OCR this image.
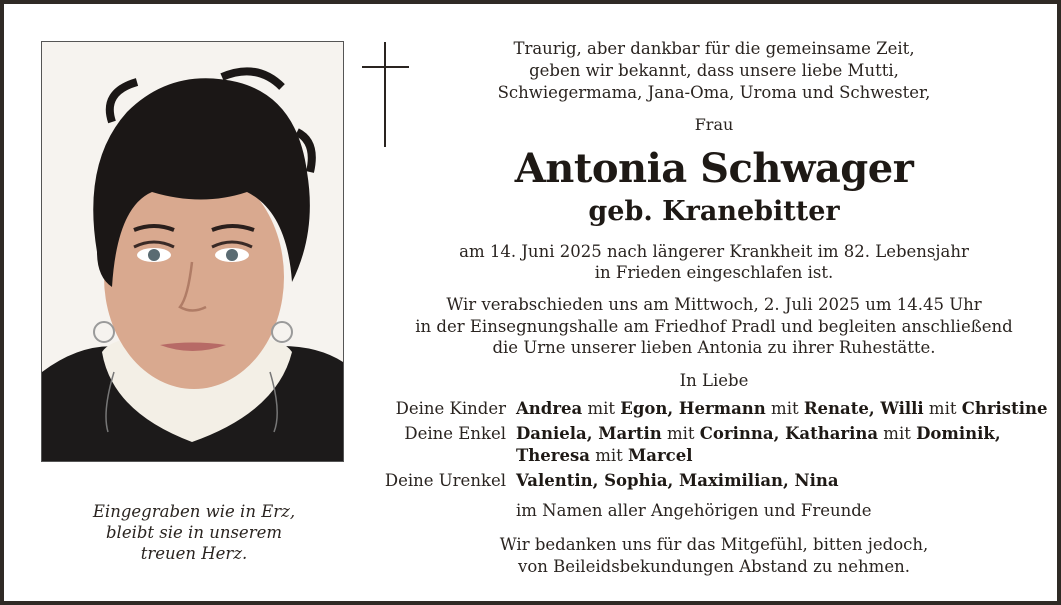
Eingegraben wie in Erz,
bleibt sie in unserem
treuen Herz.
Traurig, aber dankbar für die gemeinsame Zeit,
geben wir bekannt, dass unsere liebe Mutti,
Schwiegermama, Jana-Oma, Uroma und Schwester,
Frau
Antonia Schwager
geb. Kranebitter
am 14. Juni 2025 nach längerer Krankheit im 82. Lebensjahr
in Frieden eingeschlafen ist.
Wir verabschieden uns am Mittwoch, 2. Juli 2025 um 14.45 Uhr
in der Einsegnungshalle am Friedhof Pradl und begleiten anschließend
die Urne unserer lieben Antonia zu ihrer Ruhestätte.
In Liebe
Deine Kinder Andrea mit Egon, Hermann mit Renate, Willi mit Christine
Deine Enkel Daniela, Martin mit Corinna, Katharina mit Dominik,
Theresa mit Marcel
Deine Urenkel Valentin, Sophia, Maximilian, Nina
im Namen aller Angehörigen und Freunde
Wir bedanken uns für das Mitgefühl, bitten jedoch,
von Beileidsbekundungen Abstand zu nehmen.
